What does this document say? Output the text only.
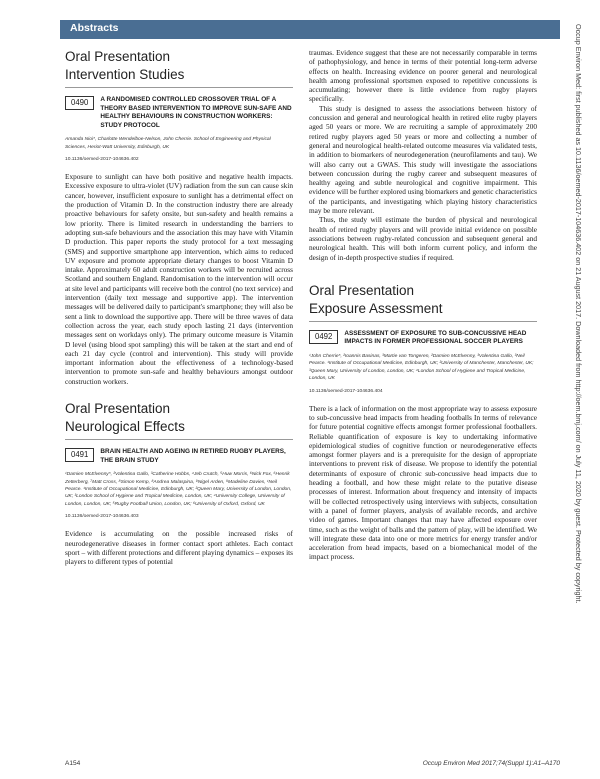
Abstracts
Oral Presentation
Intervention Studies
0490	A RANDOMISED CONTROLLED CROSSOVER TRIAL OF A THEORY BASED INTERVENTION TO IMPROVE SUN-SAFE AND HEALTHY BEHAVIOURS IN CONSTRUCTION WORKERS: STUDY PROTOCOL
Amanda Nioi*, Charlotte Wendelboe-Nelson, John Cherrie. School of Engineering and Physical Sciences, Heriot-Watt University, Edinburgh, UK
10.1136/oemed-2017-104636.402

Exposure to sunlight can have both positive and negative health impacts. Excessive exposure to ultra-violet (UV) radiation from the sun can cause skin cancer, however, insufficient exposure to sunlight has a detrimental effect on the production of Vitamin D. In the construction industry there are already proactive behaviours for safety onsite, but sun-safety and health remains a low priority. There is limited research in understanding the barriers to adopting sun-safe behaviours and the association this may have with Vitamin D production. This paper reports the study protocol for a text messaging (SMS) and supportive smartphone app intervention, which aims to reduced UV exposure and promote appropriate dietary changes to boost Vitamin D intake. Approximately 60 adult construction workers will be recruited across Scotland and southern England. Randomisation to the intervention will occur at site level and participants will receive both the control (no text service) and intervention (daily text message and supportive app). The intervention messages will be delivered daily to participant's smartphone; they will also be sent a link to download the supportive app. There will be three waves of data collection across the year, each study epoch lasting 21 days (intervention messages sent on workdays only). The primary outcome measure is Vitamin D level (using blood spot sampling) this will be taken at the start and end of each 21 day cycle (control and intervention). This study will provide important information about the effectiveness of a technology-based intervention to promote sun-safe and healthy behaviours amongst outdoor construction workers.

Oral Presentation
Neurological Effects
0491	BRAIN HEALTH AND AGEING IN RETIRED RUGBY PLAYERS, THE BRAIN STUDY
¹Damien McElvenny*, ²Valentina Gallo, ³Catherine Hobbs, ⁴Jeb Crutch, ⁵Huw Morris, ⁶Nick Fox, ⁶Henrik Zetterberg, ⁷Matt Cross, ⁸Simon Kemp, ⁸Andrea Malaspina, ⁹Nigel Arden, ⁹Madeline Davies, ¹Neil Pearce. ¹Institute of Occupational Medicine, Edinburgh, UK; ²Queen Mary, University of London, London, UK; ³London School of Hygiene and Tropical Medicine, London, UK; ⁴University College, University of London, London, UK; ⁵Rugby Football Union, London, UK; ⁶University of Oxford, Oxford, UK
10.1136/oemed-2017-104636.403

Evidence is accumulating on the possible increased risks of neurodegenerative diseases in former contact sport athletes. Each contact sport – with different protections and different playing dynamics – exposes its players to different types of potential

traumas. Evidence suggest that these are not necessarily comparable in terms of pathophysiology, and hence in terms of their potential long-term adverse effects on health. Increasing evidence on poorer general and neurological health among professional sportsmen exposed to repetitive concussions is accumulating; however there is little evidence from rugby players specifically.

This study is designed to assess the associations between history of concussion and general and neurological health in retired elite rugby players aged 50 years or more. We are recruiting a sample of approximately 200 retired rugby players aged 50 years or more and collecting a number of general and neurological health-related outcome measures via validated tests, in addition to biomarkers of neurodegeneration (neurofilaments and tau). We will also carry out a GWAS. This study will investigate the associations between concussion during the rugby career and subsequent measures of healthy ageing and subtle neurological and cognitive impairment. This evidence will be further explored using biomarkers and genetic characteristics of the participants, and investigating which playing history characteristics may be more relevant.

Thus, the study will estimate the burden of physical and neurological health of retired rugby players and will provide initial evidence on possible associations between rugby-related concussion and subsequent general and neurological health. This will both inform current policy, and inform the design of in-depth prospective studies if required.

Oral Presentation
Exposure Assessment
0492	ASSESSMENT OF EXPOSURE TO SUB-CONCUSSIVE HEAD IMPACTS IN FORMER PROFESSIONAL SOCCER PLAYERS
¹John Cherrie*, ²Ioannis Basinas, ³Martie van Tongeren, ²Damien McElvenny, ³Valentina Gallo, ³Neil Pearce. ¹Institute of Occupational Medicine, Edinburgh, UK; ²University of Manchester, Manchester, UK; ³Queen Mary, University of London, London, UK; ⁴London School of Hygiene and Tropical Medicine, London, UK
10.1136/oemed-2017-104636.404

There is a lack of information on the most appropriate way to assess exposure to sub-concussive head impacts from heading footballs In terms of relevance for future potential cognitive effects amongst former professional footballers. Reliable quantification of exposure is key to undertaking informative epidemiological studies of cognitive function or neurodegenerative effects amongst former players and is a prerequisite for the design of appropriate interventions to prevent risk of disease. We propose to identify the potential determinants of exposure of chronic sub-concussive head impacts due to heading a football, and how these might relate to the putative disease processes of interest. Information about frequency and intensity of impacts will be collected retrospectively using interviews with subjects, consultation with a panel of former players, analysis of available records, and archive video of games. Important changes that may have affected exposure over time, such as the weight of balls and the pattern of play, will be identified. We will integrate these data into one or more metrics for energy transfer and/or acceleration from head impacts, based on a biomechanical model of the impact process.	Occup Environ Med: first published as 10.1136/oemed-2017-104636.402 on 21 August 2017. Downloaded from http://oem.bmj.com/ on July 11, 2020 by guest. Protected by copyright.
A154	Occup Environ Med 2017;74(Suppl 1):A1–A170
